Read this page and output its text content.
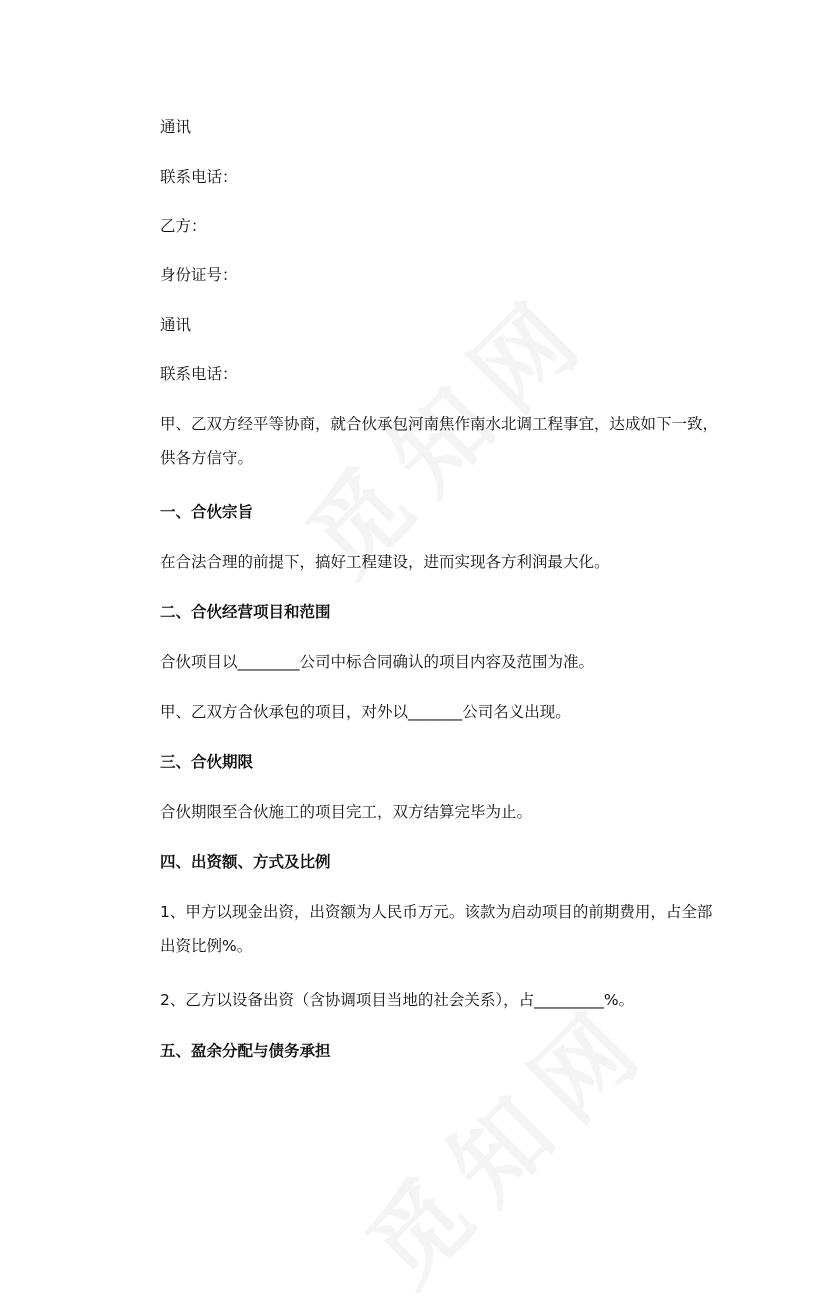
通讯

联系电话：

乙方：

身份证号：

通讯

联系电话：

甲、乙双方经平等协商，就合伙承包河南焦作南水北调工程事宜，达成如下一致，供各方信守。

一、合伙宗旨

在合法合理的前提下，搞好工程建设，进而实现各方利润最大化。

二、合伙经营项目和范围

合伙项目以________公司中标合同确认的项目内容及范围为准。

甲、乙双方合伙承包的项目，对外以_______公司名义出现。

三、合伙期限

合伙期限至合伙施工的项目完工，双方结算完毕为止。

四、出资额、方式及比例

1、甲方以现金出资，出资额为人民币万元。该款为启动项目的前期费用，占全部出资比例%。

2、乙方以设备出资（含协调项目当地的社会关系），占_________%。

五、盈余分配与债务承担
